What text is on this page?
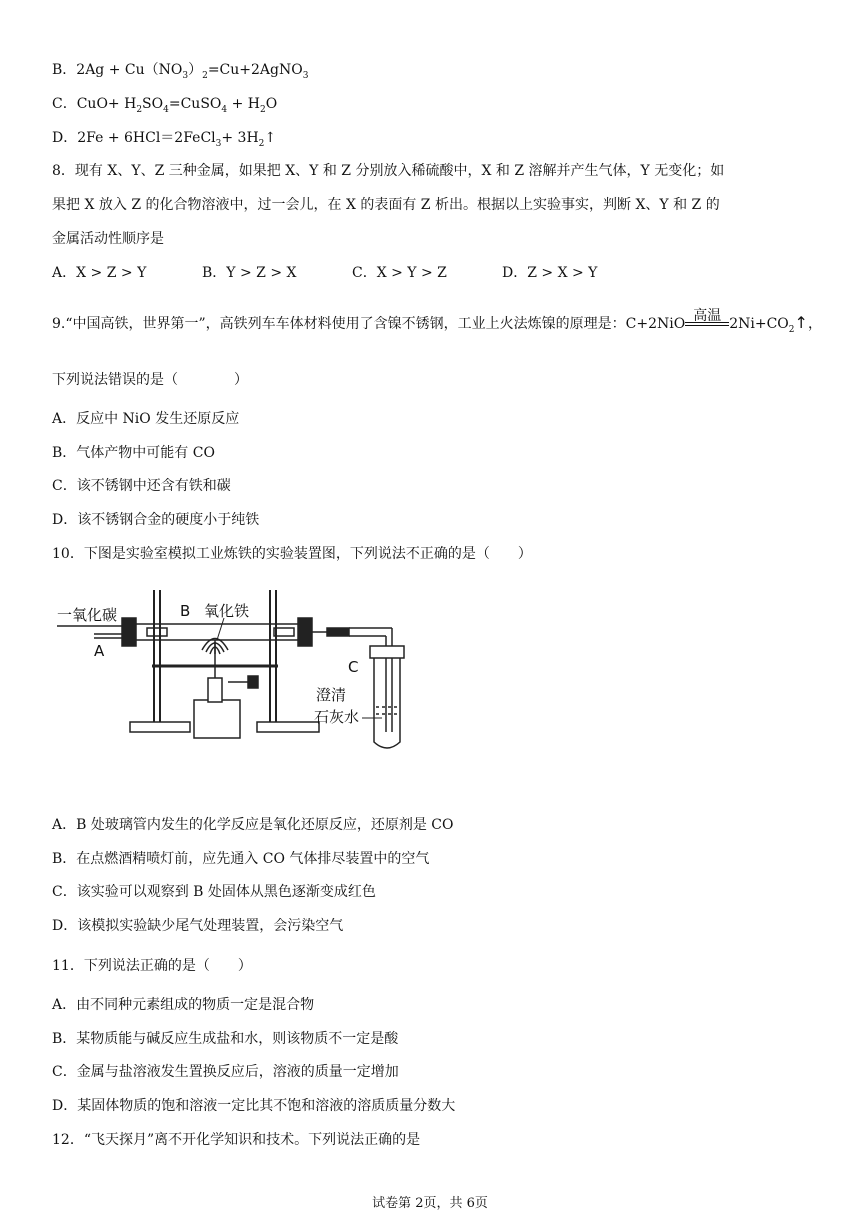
B．$2Ag + Cu(NO_3)_2=Cu+2AgNO_3$
C．$CuO+ H_2SO_4=CuSO_4 + H_2O$
D．2Fe + 6HCl＝2FeCl$_3$+ $3H_2↑$
8．现有 X、Y、Z 三种金属，如果把 X、Y 和 Z 分别放入稀硫酸中，X 和 Z 溶解并产生气体，Y 无变化；如
果把 X 放入 Z 的化合物溶液中，过一会儿，在 X 的表面有 Z 析出。根据以上实验事实，判断 X、Y 和 Z 的
金属活动性顺序是
A．X > Z > Y	B．Y > Z > X	C．X > Y > Z	D．Z > X > Y
9.“中国高铁，世界第一”，高铁列车车体材料使用了含镍不锈钢，工业上火法炼镍的原理是：C+2NiO 高温 $2Ni+CO_2↑$，
下列说法错误的是（　　　　）
A．反应中 NiO 发生还原反应
B．气体产物中可能有 CO
C．该不锈钢中还含有铁和碳
D．该不锈钢合金的硬度小于纯铁
10．下图是实验室模拟工业炼铁的实验装置图，下列说法不正确的是（　　）
一氧化碳
A
B 氧化铁
C
澄清
石灰水
A．B 处玻璃管内发生的化学反应是氧化还原反应，还原剂是 CO
B．在点燃酒精喷灯前，应先通入 CO 气体排尽装置中的空气
C．该实验可以观察到 B 处固体从黑色逐渐变成红色
D．该模拟实验缺少尾气处理装置，会污染空气
11．下列说法正确的是（　　）
A．由不同种元素组成的物质一定是混合物
B．某物质能与碱反应生成盐和水，则该物质不一定是酸
C．金属与盐溶液发生置换反应后，溶液的质量一定增加
D．某固体物质的饱和溶液一定比其不饱和溶液的溶质质量分数大
12．“飞天探月”离不开化学知识和技术。下列说法正确的是
试卷第 2页，共 6页
